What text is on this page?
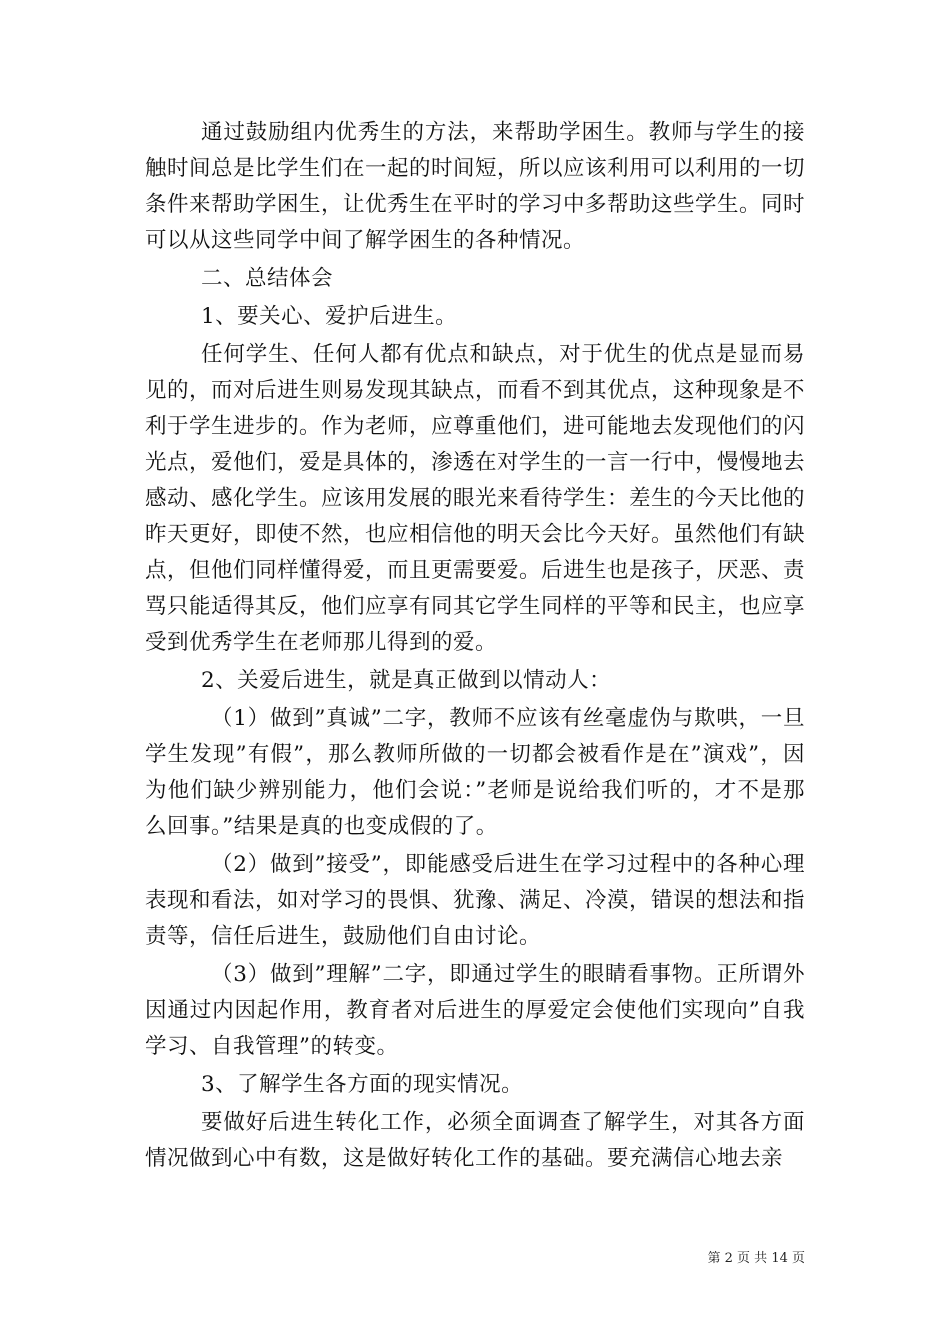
通过鼓励组内优秀生的方法，来帮助学困生。教师与学生的接触时间总是比学生们在一起的时间短，所以应该利用可以利用的一切条件来帮助学困生，让优秀生在平时的学习中多帮助这些学生。同时可以从这些同学中间了解学困生的各种情况。

二、总结体会

1、要关心、爱护后进生。

任何学生、任何人都有优点和缺点，对于优生的优点是显而易见的，而对后进生则易发现其缺点，而看不到其优点，这种现象是不利于学生进步的。作为老师，应尊重他们，进可能地去发现他们的闪光点，爱他们，爱是具体的，渗透在对学生的一言一行中，慢慢地去感动、感化学生。应该用发展的眼光来看待学生：差生的今天比他的昨天更好，即使不然，也应相信他的明天会比今天好。虽然他们有缺点，但他们同样懂得爱，而且更需要爱。后进生也是孩子，厌恶、责骂只能适得其反，他们应享有同其它学生同样的平等和民主，也应享受到优秀学生在老师那儿得到的爱。

2、关爱后进生，就是真正做到以情动人：

（1）做到”真诚”二字，教师不应该有丝毫虚伪与欺哄，一旦学生发现”有假”，那么教师所做的一切都会被看作是在”演戏”，因为他们缺少辨别能力，他们会说：”老师是说给我们听的，才不是那么回事。”结果是真的也变成假的了。

（2）做到”接受”，即能感受后进生在学习过程中的各种心理表现和看法，如对学习的畏惧、犹豫、满足、冷漠，错误的想法和指责等，信任后进生，鼓励他们自由讨论。

（3）做到”理解”二字，即通过学生的眼睛看事物。正所谓外因通过内因起作用，教育者对后进生的厚爱定会使他们实现向”自我学习、自我管理”的转变。

3、了解学生各方面的现实情况。

要做好后进生转化工作，必须全面调查了解学生，对其各方面情况做到心中有数，这是做好转化工作的基础。要充满信心地去亲

第 2 页 共 14 页
